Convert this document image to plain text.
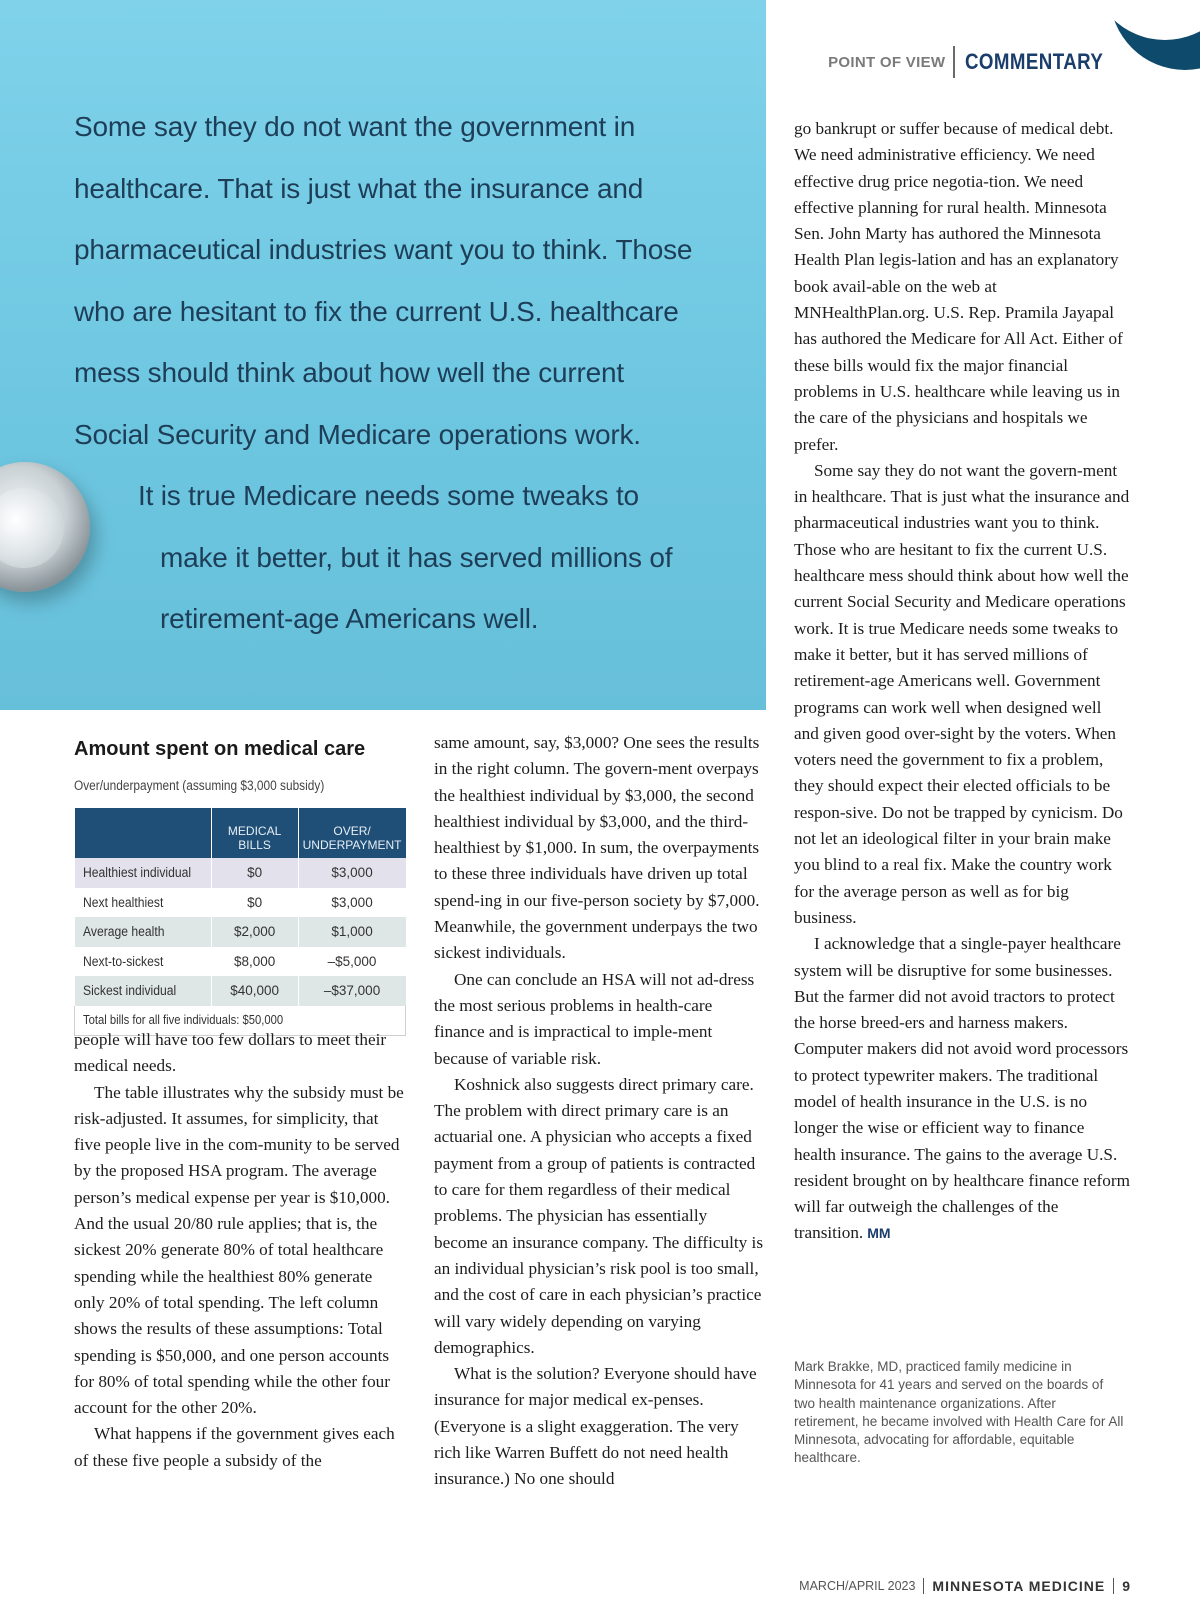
POINT OF VIEW COMMENTARY
Some say they do not want the government in
healthcare. That is just what the insurance and
pharmaceutical industries want you to think. Those
who are hesitant to fix the current U.S. healthcare
mess should think about how well the current
Social Security and Medicare operations work.
It is true Medicare needs some tweaks to
make it better, but it has served millions of
retirement-age Americans well.
Amount spent on medical care
Over/underpayment (assuming $3,000 subsidy)
	MEDICAL BILLS	OVER/ UNDERPAYMENT
Healthiest individual	$0	$3,000
Next healthiest	$0	$3,000
Average health	$2,000	$1,000
Next-to-sickest	$8,000	–$5,000
Sickest individual	$40,000	–$37,000
Total bills for all five individuals: $50,000		

people will have too few dollars to meet their medical needs.

The table illustrates why the subsidy must be risk-adjusted. It assumes, for simplicity, that five people live in the com-munity to be served by the proposed HSA program. The average person’s medical expense per year is $10,000. And the usual 20/80 rule applies; that is, the sickest 20% generate 80% of total healthcare spending while the healthiest 80% generate only 20% of total spending. The left column shows the results of these assumptions: Total spending is $50,000, and one person accounts for 80% of total spending while the other four account for the other 20%.

What happens if the government gives each of these five people a subsidy of the

same amount, say, $3,000? One sees the results in the right column. The govern-ment overpays the healthiest individual by $3,000, the second healthiest individual by $3,000, and the third-healthiest by $1,000. In sum, the overpayments to these three individuals have driven up total spend-ing in our five-person society by $7,000. Meanwhile, the government underpays the two sickest individuals.

One can conclude an HSA will not ad-dress the most serious problems in health-care finance and is impractical to imple-ment because of variable risk.

Koshnick also suggests direct primary care. The problem with direct primary care is an actuarial one. A physician who accepts a fixed payment from a group of patients is contracted to care for them regardless of their medical problems. The physician has essentially become an insurance company. The difficulty is an individual physician’s risk pool is too small, and the cost of care in each physician’s practice will vary widely depending on varying demographics.

What is the solution? Everyone should have insurance for major medical ex-penses. (Everyone is a slight exaggeration. The very rich like Warren Buffett do not need health insurance.) No one should

go bankrupt or suffer because of medical debt. We need administrative efficiency. We need effective drug price negotia-tion. We need effective planning for rural health. Minnesota Sen. John Marty has authored the Minnesota Health Plan legis-lation and has an explanatory book avail-able on the web at MNHealthPlan.org. U.S. Rep. Pramila Jayapal has authored the Medicare for All Act. Either of these bills would fix the major financial problems in U.S. healthcare while leaving us in the care of the physicians and hospitals we prefer.

Some say they do not want the govern-ment in healthcare. That is just what the insurance and pharmaceutical industries want you to think. Those who are hesitant to fix the current U.S. healthcare mess should think about how well the current Social Security and Medicare operations work. It is true Medicare needs some tweaks to make it better, but it has served millions of retirement-age Americans well. Government programs can work well when designed well and given good over-sight by the voters. When voters need the government to fix a problem, they should expect their elected officials to be respon-sive. Do not be trapped by cynicism. Do not let an ideological filter in your brain make you blind to a real fix. Make the country work for the average person as well as for big business.

I acknowledge that a single-payer healthcare system will be disruptive for some businesses. But the farmer did not avoid tractors to protect the horse breed-ers and harness makers. Computer makers did not avoid word processors to protect typewriter makers. The traditional model of health insurance in the U.S. is no longer the wise or efficient way to finance health insurance. The gains to the average U.S. resident brought on by healthcare finance reform will far outweigh the challenges of the transition. MM

Mark Brakke, MD, practiced family medicine in Minnesota for 41 years and served on the boards of two health maintenance organizations. After retirement, he became involved with Health Care for All Minnesota, advocating for affordable, equitable healthcare.
MARCH/APRIL 2023 MINNESOTA MEDICINE 9
